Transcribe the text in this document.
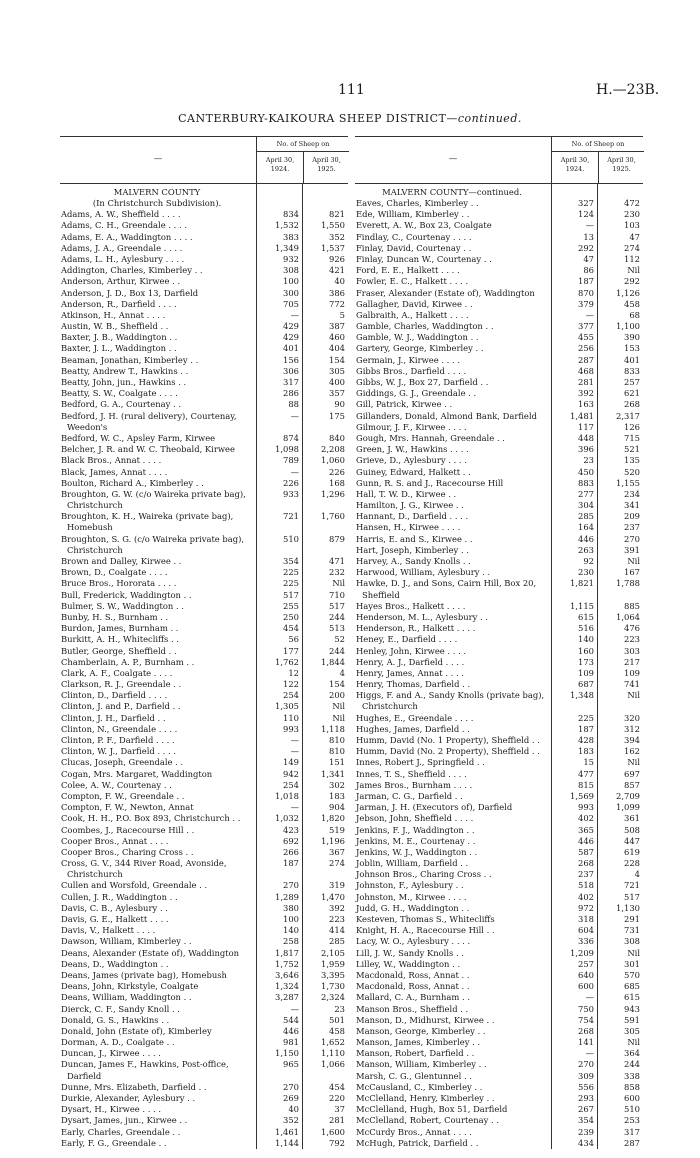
111	H.—23B.
CANTERBURY-KAIKOURA SHEEP DISTRICT—continued.
—
No. of Sheep on
April 30, 1924.
April 30, 1925.
MALVERN COUNTY
(In Christchurch Subdivision).
Adams, A. W., Sheffield . . . .	834	821
Adams, C. H., Greendale . . . .	1,532	1,550
Adams, E. A., Waddington . . . .	383	352
Adams, J. A., Greendale . . . .	1,349	1,537
Adams, L. H., Aylesbury . . . .	932	926
Addington, Charles, Kimberley . .	308	421
Anderson, Arthur, Kirwee . .	100	40
Anderson, J. D., Box 13, Darfield	300	386
Anderson, R., Darfield . . . .	705	772
Atkinson, H., Annat . . . .	—	5
Austin, W. B., Sheffield . .	429	387
Baxter, J. B., Waddington . .	429	460
Baxter, J. L., Waddington . .	401	404
Beaman, Jonathan, Kimberley . .	156	154
Beatty, Andrew T., Hawkins . .	306	305
Beatty, John, jun., Hawkins . .	317	400
Beatty, S. W., Coalgate . . . .	286	357
Bedford, G. A., Courtenay . .	88	90
Bedford, J. H. (rural delivery), Courtenay,	—	175
Weedon's
Bedford, W. C., Apsley Farm, Kirwee	874	840
Belcher, J. R. and W. C. Theobald, Kirwee	1,098	2,208
Black Bros., Annat . . . .	789	1,060
Black, James, Annat . . . .	—	226
Boulton, Richard A., Kimberley . .	226	168
Broughton, G. W. (c/o Waireka private bag),	933	1,296
Christchurch
Broughton, K. H., Waireka (private bag),	721	1,760
Homebush
Broughton, S. G. (c/o Waireka private bag),	510	879
Christchurch
Brown and Dalley, Kirwee . .	354	471
Brown, D., Coalgate . . . .	225	232
Bruce Bros., Hororata . . . .	225	Nil
Bull, Frederick, Waddington . .	517	710
Bulmer, S. W., Waddington . .	255	517
Bunby, H. S., Burnham . .	250	244
Burdon, James, Burnham . .	454	513
Burkitt, A. H., Whitecliffs . .	56	52
Butler, George, Sheffield . .	177	244
Chamberlain, A. P., Burnham . .	1,762	1,844
Clark, A. F., Coalgate . . . .	12	4
Clarkson, R. J., Greendale . .	122	154
Clinton, D., Darfield . . . .	254	200
Clinton, J. and P., Darfield . .	1,305	Nil
Clinton, J. H., Darfield . .	110	Nil
Clinton, N., Greendale . . . .	993	1,118
Clinton, P. F., Darfield . . . .	—	810
Clinton, W. J., Darfield . . . .	—	810
Clucas, Joseph, Greendale . .	149	151
Cogan, Mrs. Margaret, Waddington	942	1,341
Colee, A. W., Courtenay . .	254	302
Compton, F. W., Greendale . .	1,018	183
Compton, F. W., Newton, Annat	—	904
Cook, H. H., P.O. Box 893, Christchurch . .	1,032	1,820
Coombes, J., Racecourse Hill . .	423	519
Cooper Bros., Annat . . . .	692	1,196
Cooper Bros., Charing Cross . .	266	367
Cross, G. V., 344 River Road, Avonside,	187	274
Christchurch
Cullen and Worsfold, Greendale . .	270	319
Cullen, J. R., Waddington . .	1,289	1,470
Davis, C. B., Aylesbury . .	380	392
Davis, G. E., Halkett . . . .	100	223
Davis, V., Halkett . . . .	140	414
Dawson, William, Kimberley . .	258	285
Deans, Alexander (Estate of), Waddington	1,817	2,105
Deans, D., Waddington . .	1,752	1,959
Deans, James (private bag), Homebush	3,646	3,395
Deans, John, Kirkstyle, Coalgate	1,324	1,730
Deans, William, Waddington . .	3,287	2,324
Dierck, C. F., Sandy Knoll . .	—	23
Donald, G. S., Hawkins . .	544	501
Donald, John (Estate of), Kimberley	446	458
Dorman, A. D., Coalgate . .	981	1,652
Duncan, J., Kirwee . . . .	1,150	1,110
Duncan, James F., Hawkins, Post-office,	965	1,066
Darfield
Dunne, Mrs. Elizabeth, Darfield . .	270	454
Durkie, Alexander, Aylesbury . .	269	220
Dysart, H., Kirwee . . . .	40	37
Dysart, James, jun., Kirwee . .	352	281
Early, Charles, Greendale . .	1,461	1,600
Early, F. G., Greendale . .	1,144	792
—
No. of Sheep on
April 30, 1924.
April 30, 1925.
MALVERN COUNTY—continued.
Eaves, Charles, Kimberley . .	327	472
Ede, William, Kimberley . .	124	230
Everett, A. W., Box 23, Coalgate	—	103
Findlay, C., Courtenay . . . .	13	47
Finlay, David, Courtenay . .	292	274
Finlay, Duncan W., Courtenay . .	47	112
Ford, E. E., Halkett . . . .	86	Nil
Fowler, E. C., Halkett . . . .	187	292
Fraser, Alexander (Estate of), Waddington	870	1,126
Gallagher, David, Kirwee . .	379	458
Galbraith, A., Halkett . . . .	—	68
Gamble, Charles, Waddington . .	377	1,100
Gamble, W. J., Waddington . .	455	390
Gartery, George, Kimberley . .	256	153
Germain, J., Kirwee . . . .	287	401
Gibbs Bros., Darfield . . . .	468	833
Gibbs, W. J., Box 27, Darfield . .	281	257
Giddings, G. J., Greendale . .	392	621
Gill, Patrick, Kirwee . .	163	268
Gillanders, Donald, Almond Bank, Darfield	1,481	2,317
Gilmour, J. F., Kirwee . . . .	117	126
Gough, Mrs. Hannah, Greendale . .	448	715
Green, J. W., Hawkins . . . .	396	521
Grieve, D., Aylesbury . . . .	23	135
Guiney, Edward, Halkett . .	450	520
Gunn, R. S. and J., Racecourse Hill	883	1,155
Hall, T. W. D., Kirwee . .	277	234
Hamilton, J. G., Kirwee . .	304	341
Hannant, D., Darfield . . . .	285	209
Hansen, H., Kirwee . . . .	164	237
Harris, E. and S., Kirwee . .	446	270
Hart, Joseph, Kimberley . .	263	391
Harvey, A., Sandy Knolls . .	92	Nil
Harwood, William, Aylesbury . .	230	167
Hawke, D. J., and Sons, Cairn Hill, Box 20,	1,821	1,788
Sheffield
Hayes Bros., Halkett . . . .	1,115	885
Henderson, M. L., Aylesbury . .	615	1,064
Henderson, R., Halkett . . . .	516	476
Heney, E., Darfield . . . .	140	223
Henley, John, Kirwee . . . .	160	303
Henry, A. J., Darfield . . . .	173	217
Henry, James, Annat . . . .	109	109
Henry, Thomas, Darfield . .	687	741
Higgs, F. and A., Sandy Knolls (private bag),	1,348	Nil
Christchurch
Hughes, E., Greendale . . . .	225	320
Hughes, James, Darfield . .	187	312
Humm, David (No. 1 Property), Sheffield . .	428	394
Humm, David (No. 2 Property), Sheffield . .	183	162
Innes, Robert J., Springfield . .	15	Nil
Innes, T. S., Sheffield . . . .	477	697
James Bros., Burnham . . . .	815	857
Jarman, C. G., Darfield . .	1,569	2,709
Jarman, J. H. (Executors of), Darfield	993	1,099
Jebson, John, Sheffield . . . .	402	361
Jenkins, F. J., Waddington . .	365	508
Jenkins, M. E., Courtenay . .	446	447
Jenkins, W. J., Waddington . .	587	619
Joblin, William, Darfield . .	268	228
Johnson Bros., Charing Cross . .	237	4
Johnston, F., Aylesbury . .	518	721
Johnston, M., Kirwee . . . .	402	517
Judd, G. H., Waddington . .	972	1,130
Kesteven, Thomas S., Whitecliffs	318	291
Knight, H. A., Racecourse Hill . .	604	731
Lacy, W. O., Aylesbury . . . .	336	308
Lill, J. W., Sandy Knolls . .	1,209	Nil
Lilley, W., Waddington . .	257	301
Macdonald, Ross, Annat . .	640	570
Macdonald, Ross, Annat . .	600	685
Mallard, C. A., Burnham . .	—	615
Manson Bros., Sheffield . .	750	943
Manson, D., Midhurst, Kirwee . .	754	591
Manson, George, Kimberley . .	268	305
Manson, James, Kimberley . .	141	Nil
Manson, Robert, Darfield . .	—	364
Manson, William, Kimberley . .	270	244
Marsh, C. G., Glentunnel . .	309	338
McCausland, C., Kimberley . .	556	858
McClelland, Henry, Kimberley . .	293	600
McClelland, Hugh, Box 51, Darfield	267	510
McClelland, Robert, Courtenay . .	354	253
McCurdy Bros., Annat . . . .	239	317
McHugh, Patrick, Darfield . .	434	287
